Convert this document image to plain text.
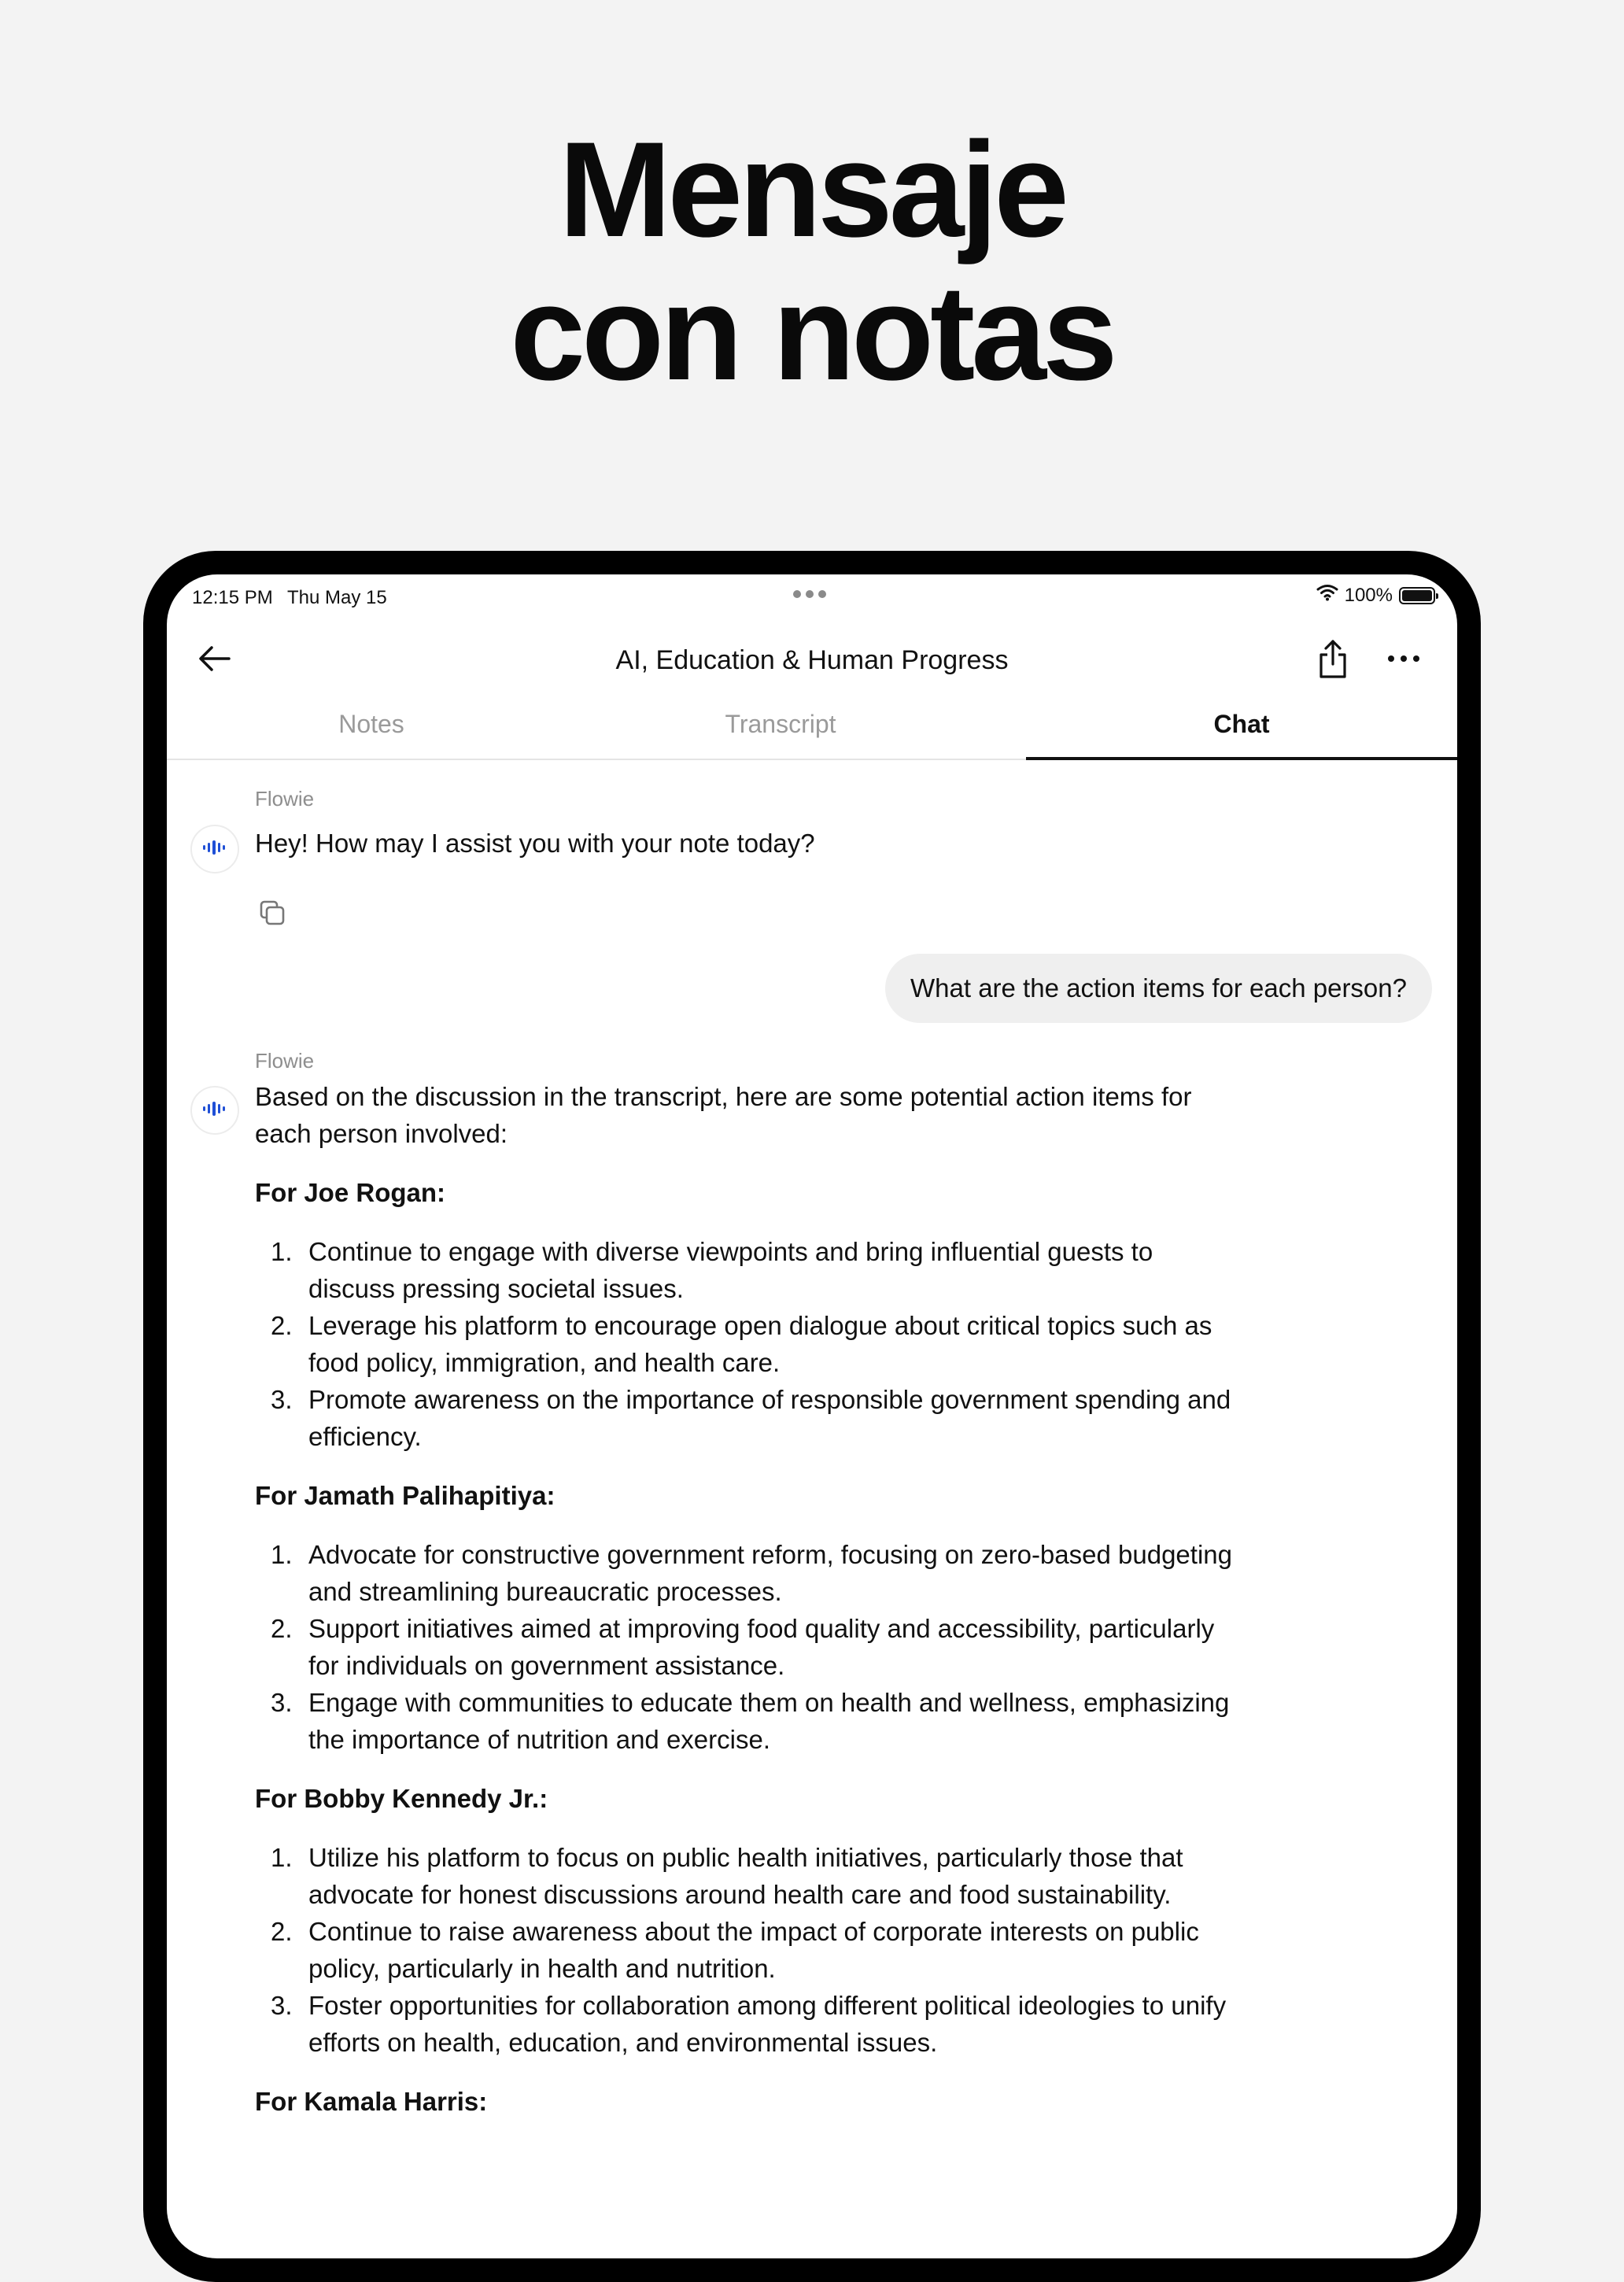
Mensaje
con notas
12:15 PM Thu May 15	100%
AI, Education & Human Progress
Notes	Transcript	Chat
Flowie
Hey! How may I assist you with your note today?
What are the action items for each person?
Flowie

Based on the discussion in the transcript, here are some potential action items for each person involved:

For Joe Rogan:
1. Continue to engage with diverse viewpoints and bring influential guests to discuss pressing societal issues.
2. Leverage his platform to encourage open dialogue about critical topics such as food policy, immigration, and health care.
3. Promote awareness on the importance of responsible government spending and efficiency.
For Jamath Palihapitiya:
1. Advocate for constructive government reform, focusing on zero-based budgeting and streamlining bureaucratic processes.
2. Support initiatives aimed at improving food quality and accessibility, particularly for individuals on government assistance.
3. Engage with communities to educate them on health and wellness, emphasizing the importance of nutrition and exercise.
For Bobby Kennedy Jr.:
1. Utilize his platform to focus on public health initiatives, particularly those that advocate for honest discussions around health care and food sustainability.
2. Continue to raise awareness about the impact of corporate interests on public policy, particularly in health and nutrition.
3. Foster opportunities for collaboration among different political ideologies to unify efforts on health, education, and environmental issues.
For Kamala Harris:
